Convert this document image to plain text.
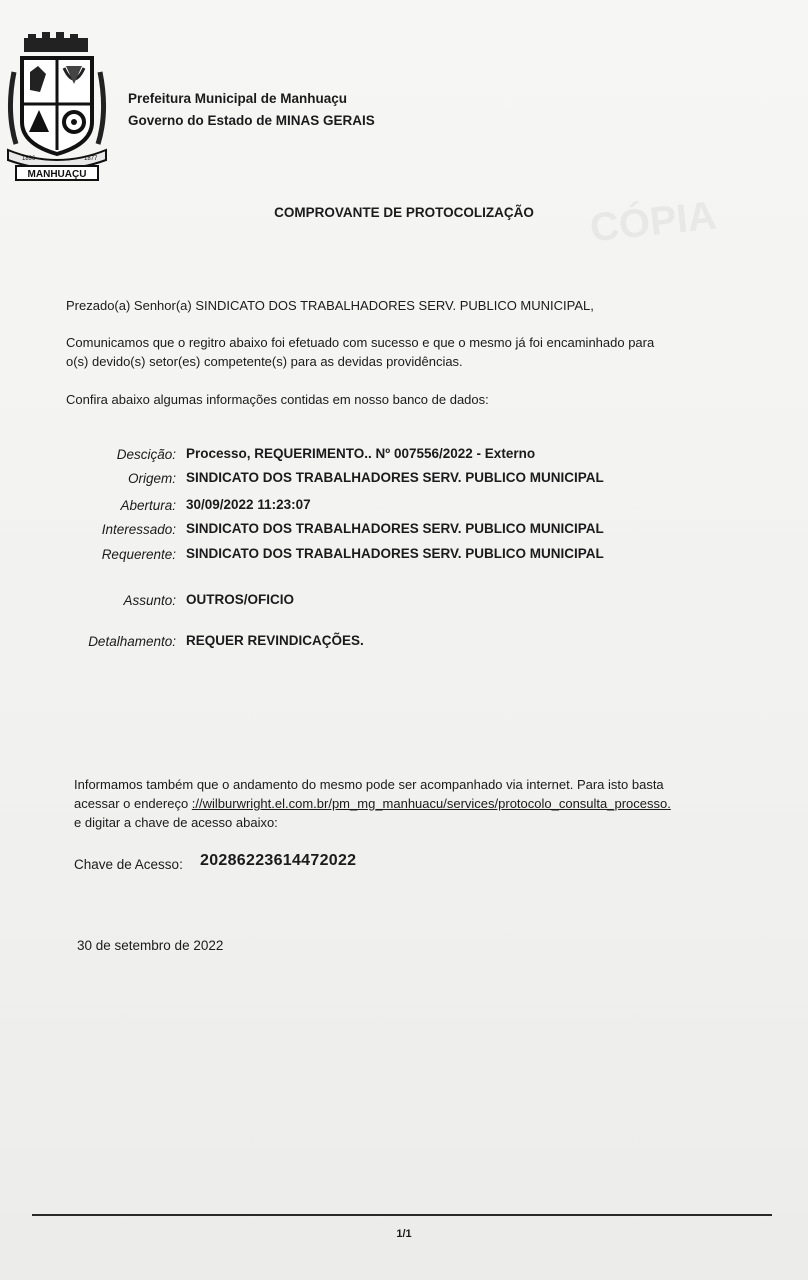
CÓPIA
1896	1877
MANHUAÇU
Prefeitura Municipal de Manhuaçu
Governo do Estado de MINAS GERAIS
COMPROVANTE DE PROTOCOLIZAÇÃO
Prezado(a) Senhor(a) SINDICATO DOS TRABALHADORES SERV. PUBLICO MUNICIPAL,
Comunicamos que o regitro abaixo foi efetuado com sucesso e que o mesmo já foi encaminhado para
o(s) devido(s) setor(es) competente(s) para as devidas providências.
Confira abaixo algumas informações contidas em nosso banco de dados:
Descição: Processo, REQUERIMENTO.. Nº 007556/2022 - Externo
Origem: SINDICATO DOS TRABALHADORES SERV. PUBLICO MUNICIPAL
Abertura: 30/09/2022 11:23:07
Interessado: SINDICATO DOS TRABALHADORES SERV. PUBLICO MUNICIPAL
Requerente: SINDICATO DOS TRABALHADORES SERV. PUBLICO MUNICIPAL
Assunto: OUTROS/OFICIO
Detalhamento: REQUER REVINDICAÇÕES.
Informamos também que o andamento do mesmo pode ser acompanhado via internet. Para isto basta
acessar o endereço ://wilburwright.el.com.br/pm_mg_manhuacu/services/protocolo_consulta_processo.
e digitar a chave de acesso abaixo:
Chave de Acesso: 20286223614472022
30 de setembro de 2022
1/1
